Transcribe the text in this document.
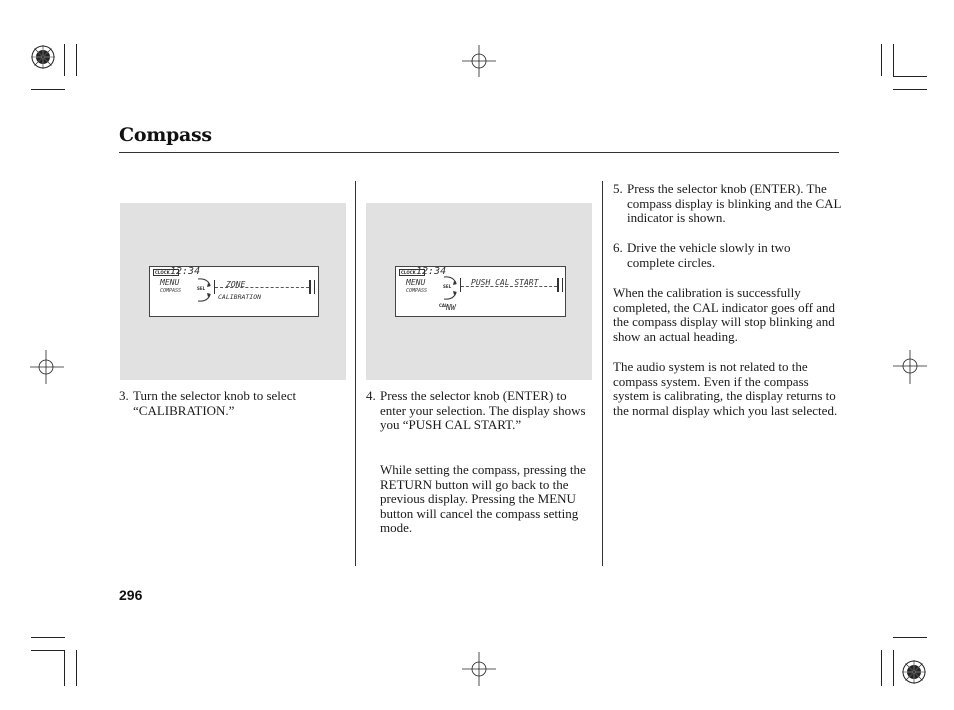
Compass
CLOCK 12:34
MENU
COMPASS	SEL	ZONE
CALIBRATION
CLOCK 12:34
MENU
COMPASS
SEL PUSH CAL START
CAL
NW
3. Turn the selector knob to select “CALIBRATION.”
4. Press the selector knob (ENTER) to enter your selection. The display shows you “PUSH CAL START.”
While setting the compass, pressing the RETURN button will go back to the previous display. Pressing the MENU button will cancel the compass setting mode.
5. Press the selector knob (ENTER). The compass display is blinking and the CAL indicator is shown.
6. Drive the vehicle slowly in two complete circles.
When the calibration is successfully completed, the CAL indicator goes off and the compass display will stop blinking and show an actual heading.
The audio system is not related to the compass system. Even if the compass system is calibrating, the display returns to the normal display which you last selected.
296
